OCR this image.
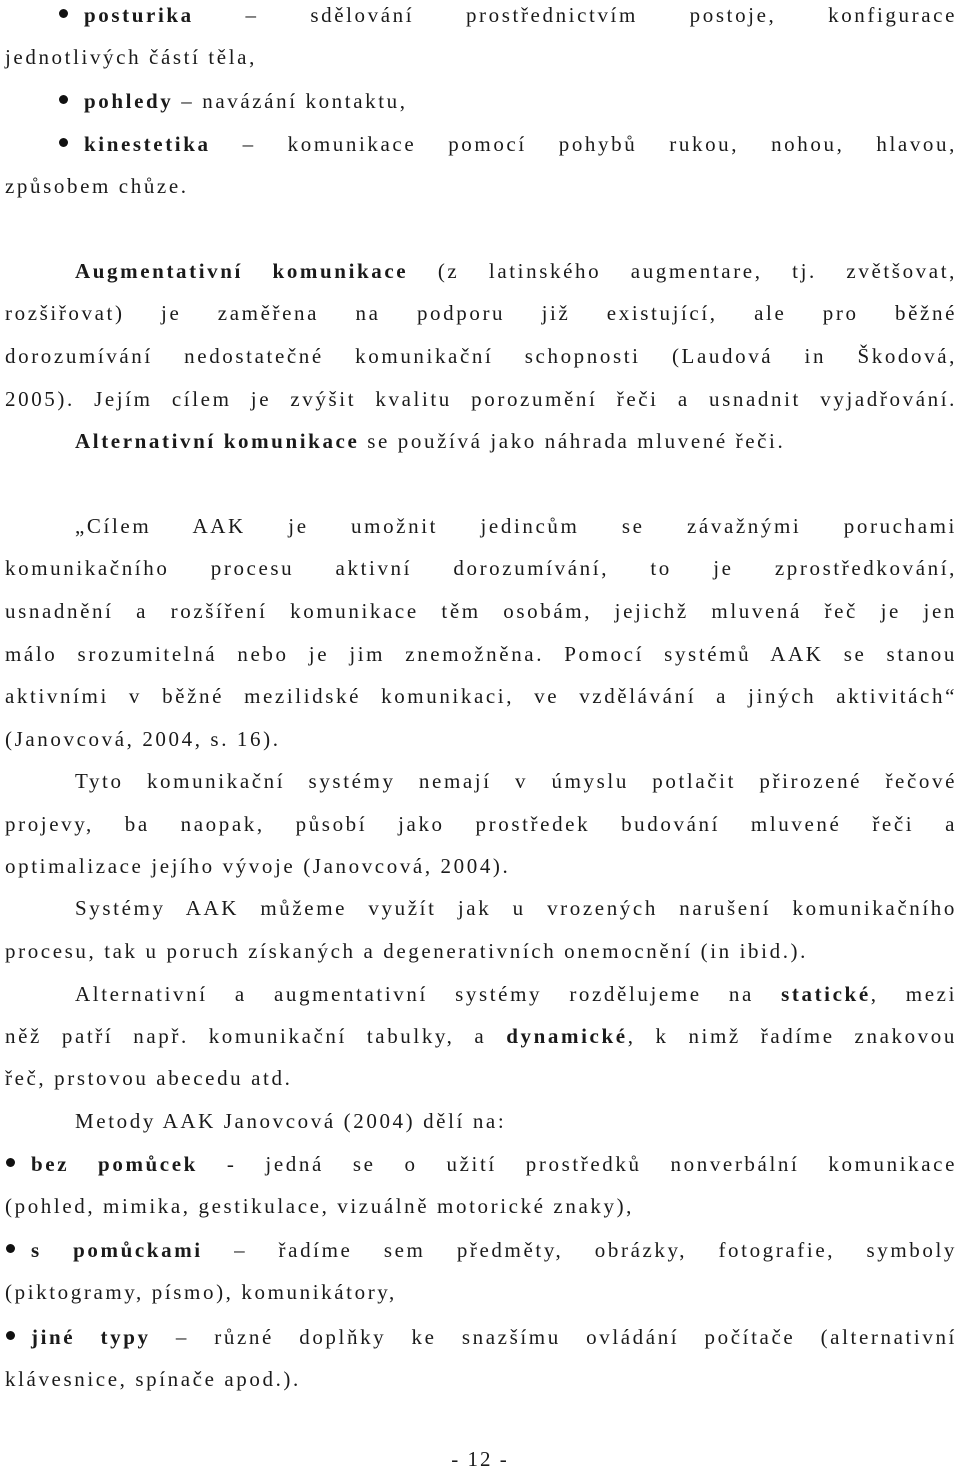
posturika – sdělování prostřednictvím postoje, konfigurace
jednotlivých částí těla,
pohledy – navázání kontaktu,
kinestetika – komunikace pomocí pohybů rukou, nohou, hlavou,
způsobem chůze.
Augmentativní komunikace (z latinského augmentare, tj. zvětšovat,
rozšiřovat) je zaměřena na podporu již existující, ale pro běžné
dorozumívání nedostatečné komunikační schopnosti (Laudová in Škodová,
2005). Jejím cílem je zvýšit kvalitu porozumění řeči a usnadnit vyjadřování.
Alternativní komunikace se používá jako náhrada mluvené řeči.
„Cílem AAK je umožnit jedincům se závažnými poruchami
komunikačního procesu aktivní dorozumívání, to je zprostředkování,
usnadnění a rozšíření komunikace těm osobám, jejichž mluvená řeč je jen
málo srozumitelná nebo je jim znemožněna. Pomocí systémů AAK se stanou
aktivními v běžné mezilidské komunikaci, ve vzdělávání a jiných aktivitách“
(Janovcová, 2004, s. 16).
Tyto komunikační systémy nemají v úmyslu potlačit přirozené řečové
projevy, ba naopak, působí jako prostředek budování mluvené řeči a
optimalizace jejího vývoje (Janovcová, 2004).
Systémy AAK můžeme využít jak u vrozených narušení komunikačního
procesu, tak u poruch získaných a degenerativních onemocnění (in ibid.).
Alternativní a augmentativní systémy rozdělujeme na statické, mezi
něž patří např. komunikační tabulky, a dynamické, k nimž řadíme znakovou
řeč, prstovou abecedu atd.
Metody AAK Janovcová (2004) dělí na:
bez pomůcek - jedná se o užití prostředků nonverbální komunikace
(pohled, mimika, gestikulace, vizuálně motorické znaky),
s pomůckami – řadíme sem předměty, obrázky, fotografie, symboly
(piktogramy, písmo), komunikátory,
jiné typy – různé doplňky ke snazšímu ovládání počítače (alternativní
klávesnice, spínače apod.).
- 12 -
